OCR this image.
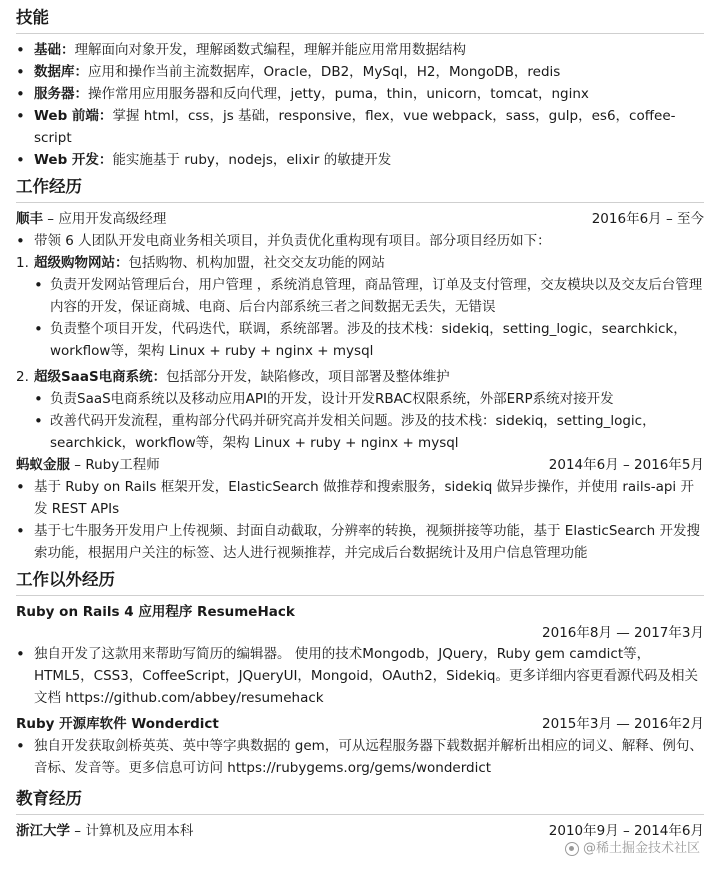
技能
• 基础：理解面向对象开发，理解函数式编程，理解并能应用常用数据结构
• 数据库：应用和操作当前主流数据库，Oracle，DB2，MySql，H2，MongoDB，redis
• 服务器：操作常用应用服务器和反向代理，jetty，puma，thin，unicorn，tomcat，nginx
• Web 前端：掌握 html，css，js 基础，responsive，flex，vue webpack，sass，gulp，es6，coffee-script
• Web 开发：能实施基于 ruby，nodejs，elixir 的敏捷开发
工作经历
顺丰 – 应用开发高级经理	2016年6月 – 至今
• 带领 6 人团队开发电商业务相关项目，并负责优化重构现有项目。部分项目经历如下：
1. 超级购物网站：包括购物、机构加盟，社交交友功能的网站
• 负责开发网站管理后台，用户管理 ，系统消息管理，商品管理，订单及支付管理，交友模块以及交友后台管理内容的开发，保证商城、电商、后台内部系统三者之间数据无丢失，无错误
• 负责整个项目开发，代码迭代，联调，系统部署。涉及的技术栈：sidekiq，setting_logic，searchkick，workflow等，架构 Linux + ruby + nginx + mysql
2. 超级SaaS电商系统：包括部分开发，缺陷修改，项目部署及整体维护
• 负责SaaS电商系统以及移动应用API的开发，设计开发RBAC权限系统，外部ERP系统对接开发
• 改善代码开发流程，重构部分代码并研究高并发相关问题。涉及的技术栈：sidekiq，setting_logic，searchkick，workflow等，架构 Linux + ruby + nginx + mysql
蚂蚁金服 – Ruby工程师	2014年6月 – 2016年5月
• 基于 Ruby on Rails 框架开发，ElasticSearch 做推荐和搜索服务，sidekiq 做异步操作，并使用 rails-api 开发 REST APIs
• 基于七牛服务开发用户上传视频、封面自动截取，分辨率的转换，视频拼接等功能，基于 ElasticSearch 开发搜索功能，根据用户关注的标签、达人进行视频推荐，并完成后台数据统计及用户信息管理功能
工作以外经历
Ruby on Rails 4 应用程序 ResumeHack
2016年8月 — 2017年3月
• 独自开发了这款用来帮助写简历的编辑器。 使用的技术Mongodb，JQuery，Ruby gem camdict等，HTML5，CSS3，CoffeeScript，JQueryUI，Mongoid，OAuth2，Sidekiq。更多详细内容更看源代码及相关文档 https://github.com/abbey/resumehack
Ruby 开源库软件 Wonderdict	2015年3月 — 2016年2月
• 独自开发获取剑桥英英、英中等字典数据的 gem，可从远程服务器下载数据并解析出相应的词义、解释、例句、音标、发音等。更多信息可访问 https://rubygems.org/gems/wonderdict
教育经历
浙江大学 – 计算机及应用本科	2010年9月 – 2014年6月
@稀土掘金技术社区
